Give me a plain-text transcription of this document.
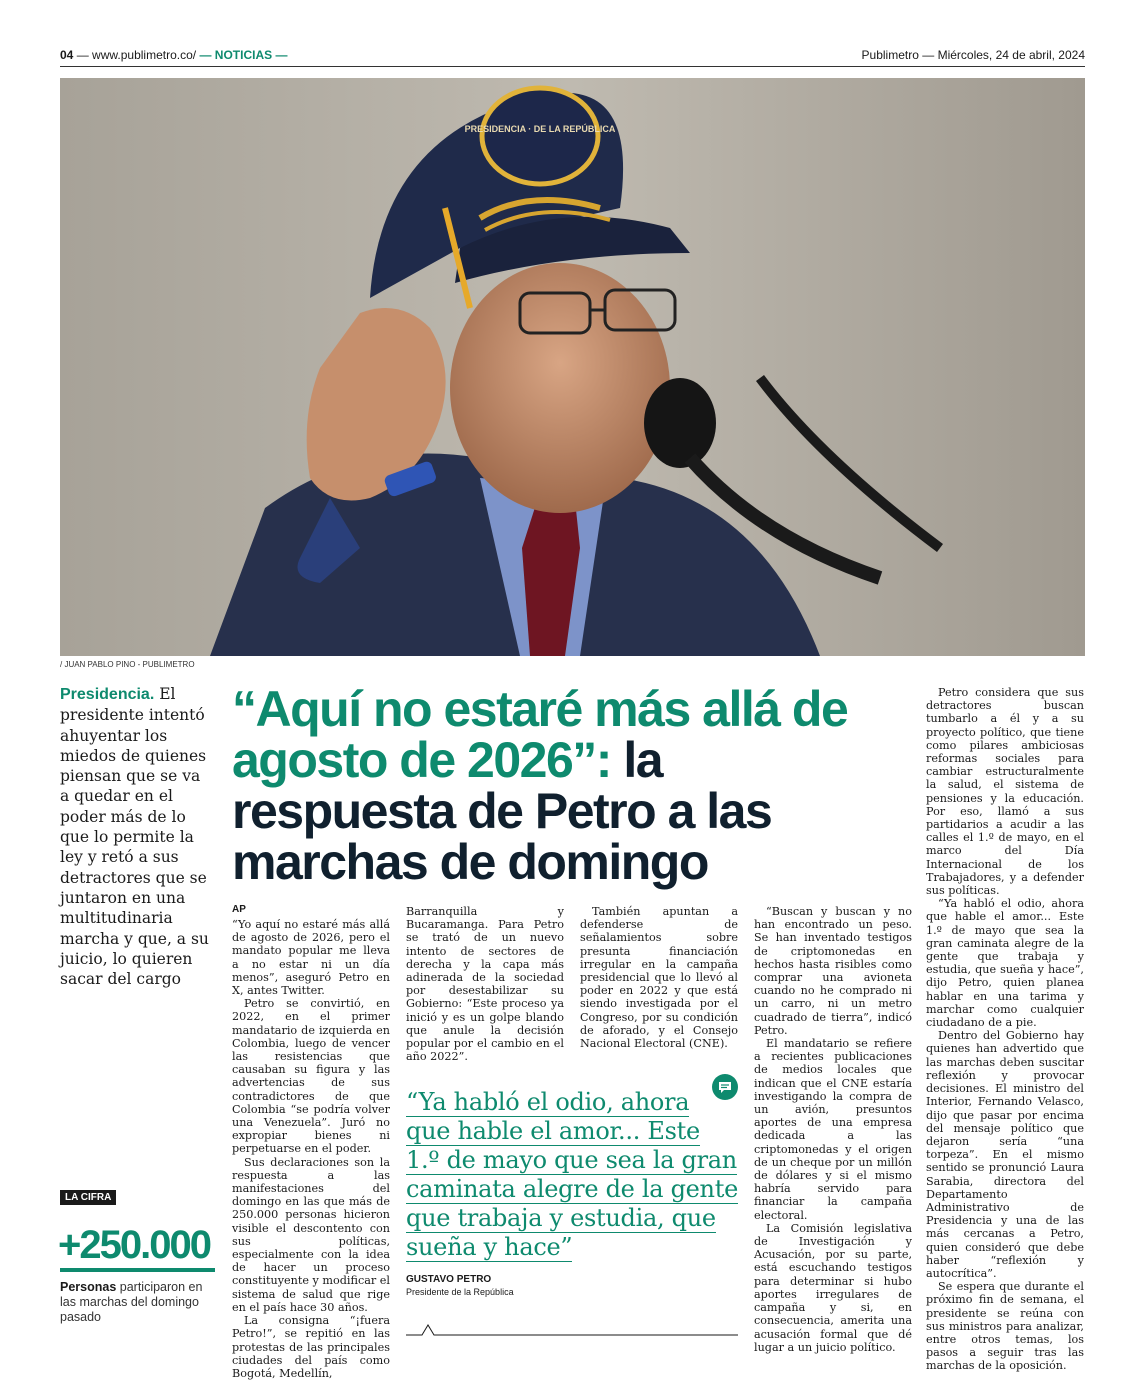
04 — www.publimetro.co/ — NOTICIAS —	Publimetro — Miércoles, 24 de abril, 2024
PRESIDENCIA · DE LA REPÚBLICA
/ JUAN PABLO PINO - PUBLIMETRO
Presidencia. El presidente intentó ahuyentar los miedos de quienes piensan que se va a quedar en el poder más de lo que lo permite la ley y retó a sus detractores que se juntaron en una multitudinaria marcha y que, a su juicio, lo quieren sacar del cargo
“Aquí no estaré más allá de agosto de 2026”: la respuesta de Petro a las marchas de domingo
AP

“Yo aquí no estaré más allá de agosto de 2026, pero el mandato popular me lleva a no estar ni un día menos”, aseguró Petro en X, antes Twitter.

Petro se convirtió, en 2022, en el primer mandatario de izquierda en Colombia, luego de vencer las resistencias que causaban su figura y las advertencias de sus contradictores de que Colombia “se podría volver una Venezuela”. Juró no expropiar bienes ni perpetuarse en el poder.

Sus declaraciones son la respuesta a las manifestaciones del domingo en las que más de 250.000 personas hicieron visible el descontento con sus políticas, especialmente con la idea de hacer un proceso constituyente y modificar el sistema de salud que rige en el país hace 30 años.

La consigna “¡fuera Petro!”, se repitió en las protestas de las principales ciudades del país como Bogotá, Medellín,

Barranquilla y Bucaramanga. Para Petro se trató de un nuevo intento de sectores de derecha y la capa más adinerada de la sociedad por desestabilizar su Gobierno: “Este proceso ya inició y es un golpe blando que anule la decisión popular por el cambio en el año 2022”.

También apuntan a defenderse de señalamientos sobre presunta financiación irregular en la campaña presidencial que lo llevó al poder en 2022 y que está siendo investigada por el Congreso, por su condición de aforado, y el Consejo Nacional Electoral (CNE).

“Buscan y buscan y no han encontrado un peso. Se han inventado testigos de criptomonedas en hechos hasta risibles como comprar una avioneta cuando no he comprado ni un carro, ni un metro cuadrado de tierra”, indicó Petro.

El mandatario se refiere a recientes publicaciones de medios locales que indican que el CNE estaría investigando la compra de un avión, presuntos aportes de una empresa dedicada a las criptomonedas y el origen de un cheque por un millón de dólares y si el mismo habría servido para financiar la campaña electoral.

La Comisión legislativa de Investigación y Acusación, por su parte, está escuchando testigos para determinar si hubo aportes irregulares de campaña y si, en consecuencia, amerita una acusación formal que dé lugar a un juicio político.

Petro considera que sus detractores buscan tumbarlo a él y a su proyecto político, que tiene como pilares ambiciosas reformas sociales para cambiar estructuralmente la salud, el sistema de pensiones y la educación. Por eso, llamó a sus partidarios a acudir a las calles el 1.º de mayo, en el marco del Día Internacional de los Trabajadores, y a defender sus políticas.

“Ya habló el odio, ahora que hable el amor... Este 1.º de mayo que sea la gran caminata alegre de la gente que trabaja y estudia, que sueña y hace”, dijo Petro, quien planea hablar en una tarima y marchar como cualquier ciudadano de a pie.

Dentro del Gobierno hay quienes han advertido que las marchas deben suscitar reflexión y provocar decisiones. El ministro del Interior, Fernando Velasco, dijo que pasar por encima del mensaje político que dejaron sería “una torpeza”. En el mismo sentido se pronunció Laura Sarabia, directora del Departamento Administrativo de Presidencia y una de las más cercanas a Petro, quien consideró que debe haber “reflexión y autocrítica”.

Se espera que durante el próximo fin de semana, el presidente se reúna con sus ministros para analizar, entre otros temas, los pasos a seguir tras las marchas de la oposición.

“Ya habló el odio, ahora que hable el amor... Este 1.º de mayo que sea la gran caminata alegre de la gente que trabaja y estudia, que sueña y hace”
GUSTAVO PETRO
Presidente de la República
LA CIFRA
+250.000
Personas participaron en las marchas del domingo pasado
